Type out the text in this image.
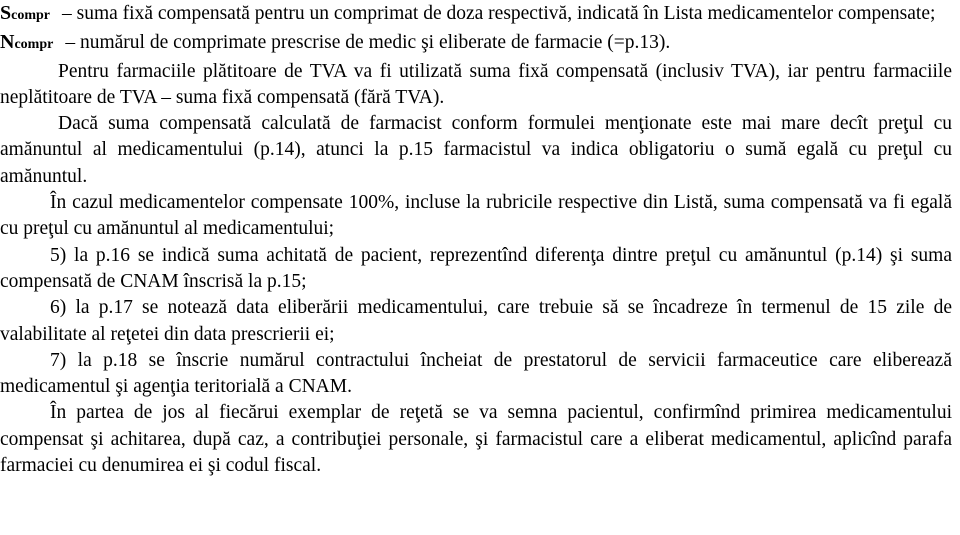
Scompr – suma fixă compensată pentru un comprimat de doza respectivă, indicată în Lista medicamentelor compensate;

Ncompr – numărul de comprimate prescrise de medic şi eliberate de farmacie (=p.13).

Pentru farmaciile plătitoare de TVA va fi utilizată suma fixă compensată (inclusiv TVA), iar pentru farmaciile neplătitoare de TVA – suma fixă compensată (fără TVA).

Dacă suma compensată calculată de farmacist conform formulei menţionate este mai mare decît preţul cu amănuntul al medicamentului (p.14), atunci la p.15 farmacistul va indica obligatoriu o sumă egală cu preţul cu amănuntul.

În cazul medicamentelor compensate 100%, incluse la rubricile respective din Listă, suma compensată va fi egală cu preţul cu amănuntul al medicamentului;

5) la p.16 se indică suma achitată de pacient, reprezentînd diferenţa dintre preţul cu amănuntul (p.14) şi suma compensată de CNAM înscrisă la p.15;

6) la p.17 se notează data eliberării medicamentului, care trebuie să se încadreze în termenul de 15 zile de valabilitate al reţetei din data prescrierii ei;

7) la p.18 se înscrie numărul contractului încheiat de prestatorul de servicii farmaceutice care eliberează medicamentul şi agenţia teritorială a CNAM.

În partea de jos al fiecărui exemplar de reţetă se va semna pacientul, confirmînd primirea medicamentului compensat şi achitarea, după caz, a contribuţiei personale, şi farmacistul care a eliberat medicamentul, aplicînd parafa farmaciei cu denumirea ei şi codul fiscal.
